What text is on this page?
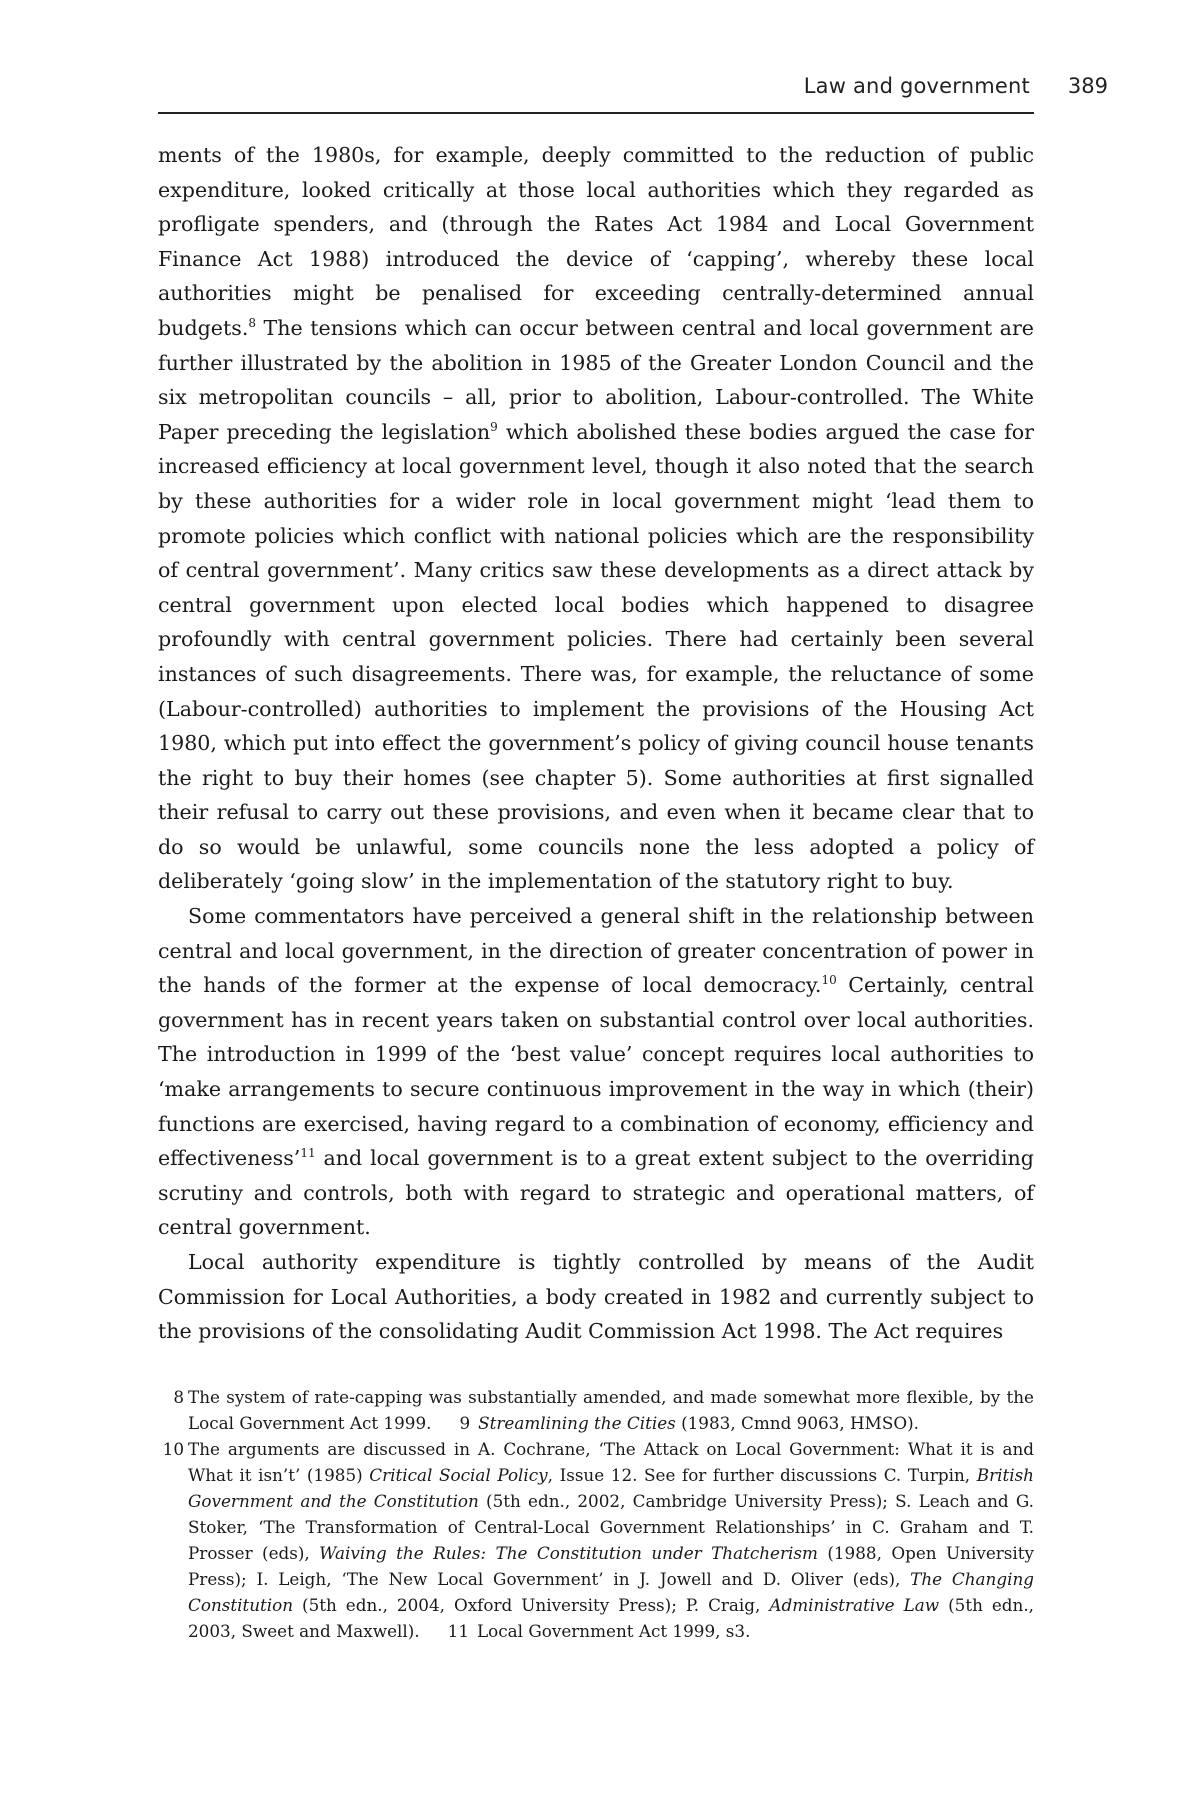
Law and government 389

ments of the 1980s, for example, deeply committed to the reduction of public expenditure, looked critically at those local authorities which they regarded as profligate spenders, and (through the Rates Act 1984 and Local Government Finance Act 1988) introduced the device of ‘capping’, whereby these local authorities might be penalised for exceeding centrally-determined annual budgets.$^8$ The tensions which can occur between central and local government are further illustrated by the abolition in 1985 of the Greater London Council and the six metropolitan councils – all, prior to abolition, Labour-controlled. The White Paper preceding the legislation$^9$ which abolished these bodies argued the case for increased efficiency at local government level, though it also noted that the search by these authorities for a wider role in local government might ‘lead them to promote policies which conflict with national policies which are the responsibility of central government’. Many critics saw these developments as a direct attack by central government upon elected local bodies which happened to disagree profoundly with central government policies. There had certainly been several instances of such disagreements. There was, for example, the reluctance of some (Labour-controlled) authorities to implement the provisions of the Housing Act 1980, which put into effect the government’s policy of giving council house tenants the right to buy their homes (see chapter 5). Some authorities at first signalled their refusal to carry out these provisions, and even when it became clear that to do so would be unlawful, some councils none the less adopted a policy of deliberately ‘going slow’ in the implementation of the statutory right to buy.

Some commentators have perceived a general shift in the relationship between central and local government, in the direction of greater concentration of power in the hands of the former at the expense of local democracy.$^{10}$ Certainly, central government has in recent years taken on substantial control over local authorities. The introduction in 1999 of the ‘best value’ concept requires local authorities to ‘make arrangements to secure continuous improvement in the way in which (their) functions are exercised, having regard to a combination of economy, efficiency and effectiveness’$^{11}$ and local government is to a great extent subject to the overriding scrutiny and controls, both with regard to strategic and operational matters, of central government.

Local authority expenditure is tightly controlled by means of the Audit Commission for Local Authorities, a body created in 1982 and currently subject to the provisions of the consolidating Audit Commission Act 1998. The Act requires

8 The system of rate-capping was substantially amended, and made somewhat more flexible, by the Local Government Act 1999. 9 Streamlining the Cities (1983, Cmnd 9063, HMSO).

10 The arguments are discussed in A. Cochrane, ‘The Attack on Local Government: What it is and What it isn’t’ (1985) Critical Social Policy, Issue 12. See for further discussions C. Turpin, British Government and the Constitution (5th edn., 2002, Cambridge University Press); S. Leach and G. Stoker, ‘The Transformation of Central-Local Government Relationships’ in C. Graham and T. Prosser (eds), Waiving the Rules: The Constitution under Thatcherism (1988, Open University Press); I. Leigh, ‘The New Local Government’ in J. Jowell and D. Oliver (eds), The Changing Constitution (5th edn., 2004, Oxford University Press); P. Craig, Administrative Law (5th edn., 2003, Sweet and Maxwell). 11 Local Government Act 1999, s3.
